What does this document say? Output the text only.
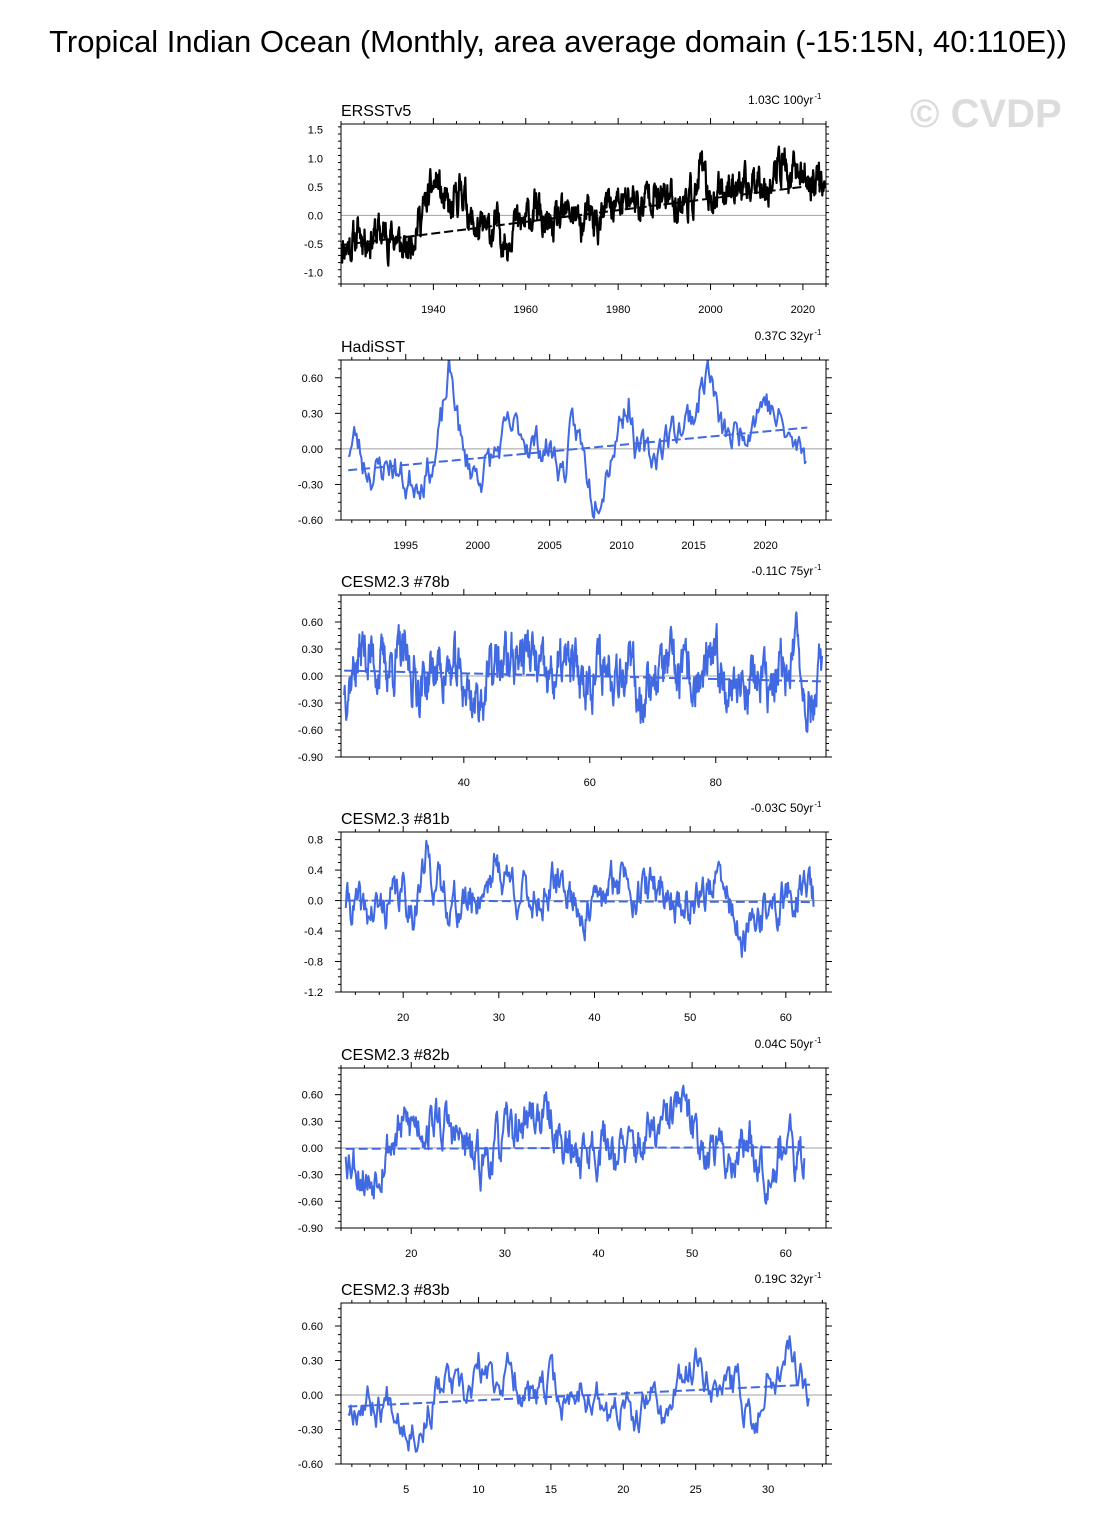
Tropical Indian Ocean (Monthly, area average domain (-15:15N, 40:110E))
© CVDP
ERSSTv5
1.03C 100yr -1
-1.0
-0.5
0.0
0.5
1.0
1.5
1940	1960	1980	2000	2020
HadiSST
0.37C 32yr -1
-0.60
-0.30
0.00
0.30
0.60
1995	2000	2005	2010	2015	2020
CESM2.3 #78b
-0.11C 75yr -1
-0.90
-0.60
-0.30
0.00
0.30
0.60
40	60	80
CESM2.3 #81b
-0.03C 50yr -1
-1.2
-0.8
-0.4
0.0
0.4
0.8
20	30	40	50	60
CESM2.3 #82b
0.04C 50yr -1
-0.90
-0.60
-0.30
0.00
0.30
0.60
20	30	40	50	60
CESM2.3 #83b
0.19C 32yr -1
-0.60
-0.30
0.00
0.30
0.60
5	10	15	20	25	30
